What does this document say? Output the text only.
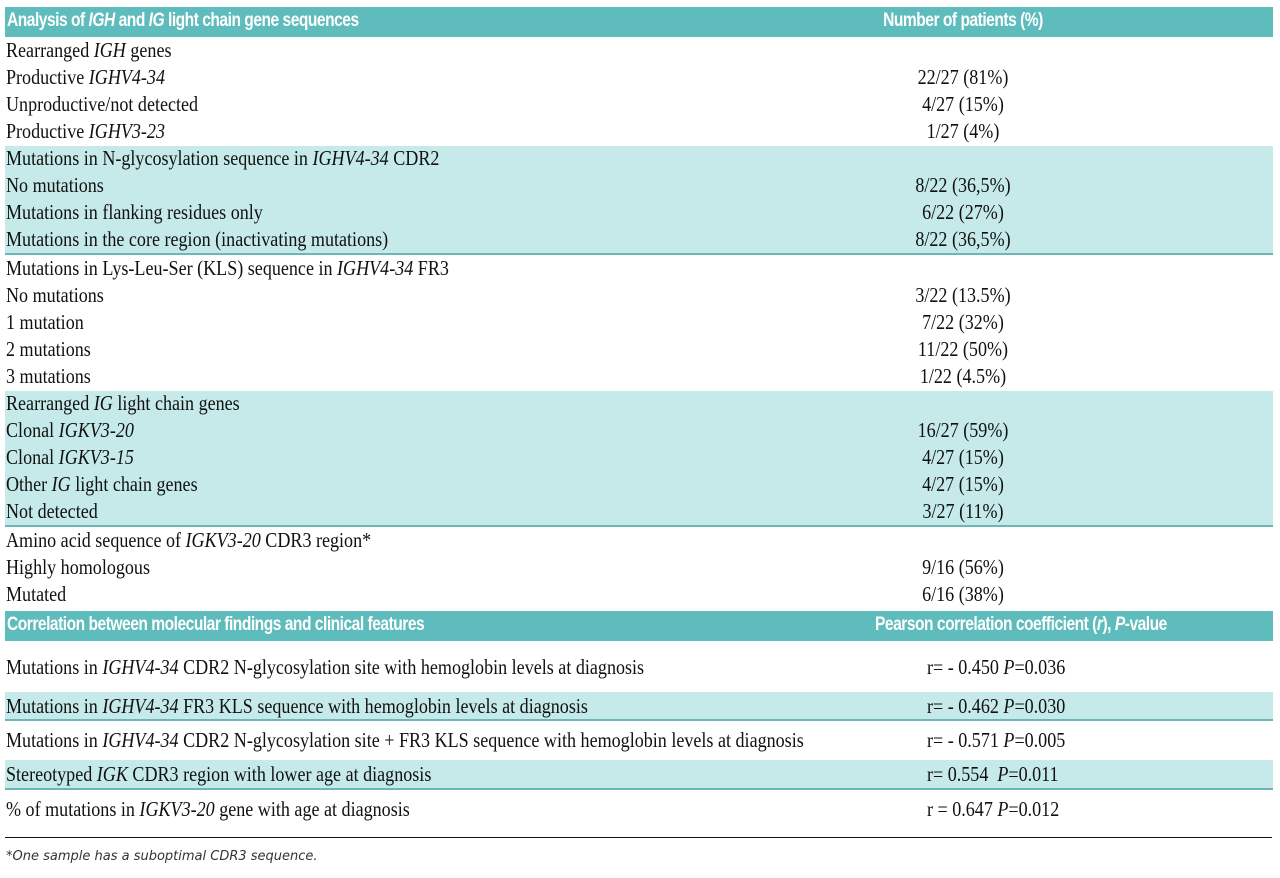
Analysis of IGH and IG light chain gene sequences	Number of patients (%)
Rearranged IGH genes
Productive IGHV4-34	22/27 (81%)
Unproductive/not detected	4/27 (15%)
Productive IGHV3-23	1/27 (4%)
Mutations in N-glycosylation sequence in IGHV4-34 CDR2
No mutations	8/22 (36,5%)
Mutations in flanking residues only	6/22 (27%)
Mutations in the core region (inactivating mutations)	8/22 (36,5%)
Mutations in Lys-Leu-Ser (KLS) sequence in IGHV4-34 FR3
No mutations	3/22 (13.5%)
1 mutation	7/22 (32%)
2 mutations	11/22 (50%)
3 mutations	1/22 (4.5%)
Rearranged IG light chain genes
Clonal IGKV3-20	16/27 (59%)
Clonal IGKV3-15	4/27 (15%)
Other IG light chain genes	4/27 (15%)
Not detected	3/27 (11%)
Amino acid sequence of IGKV3-20 CDR3 region*
Highly homologous	9/16 (56%)
Mutated	6/16 (38%)
Correlation between molecular findings and clinical features	Pearson correlation coefficient (r), P-value
Mutations in IGHV4-34 CDR2 N-glycosylation site with hemoglobin levels at diagnosis	r= - 0.450 P=0.036
Mutations in IGHV4-34 FR3 KLS sequence with hemoglobin levels at diagnosis	r= - 0.462 P=0.030
Mutations in IGHV4-34 CDR2 N-glycosylation site + FR3 KLS sequence with hemoglobin levels at diagnosis	r= - 0.571 P=0.005
Stereotyped IGK CDR3 region with lower age at diagnosis	r= 0.554  P=0.011
% of mutations in IGKV3-20 gene with age at diagnosis	r = 0.647 P=0.012
*One sample has a suboptimal CDR3 sequence.
